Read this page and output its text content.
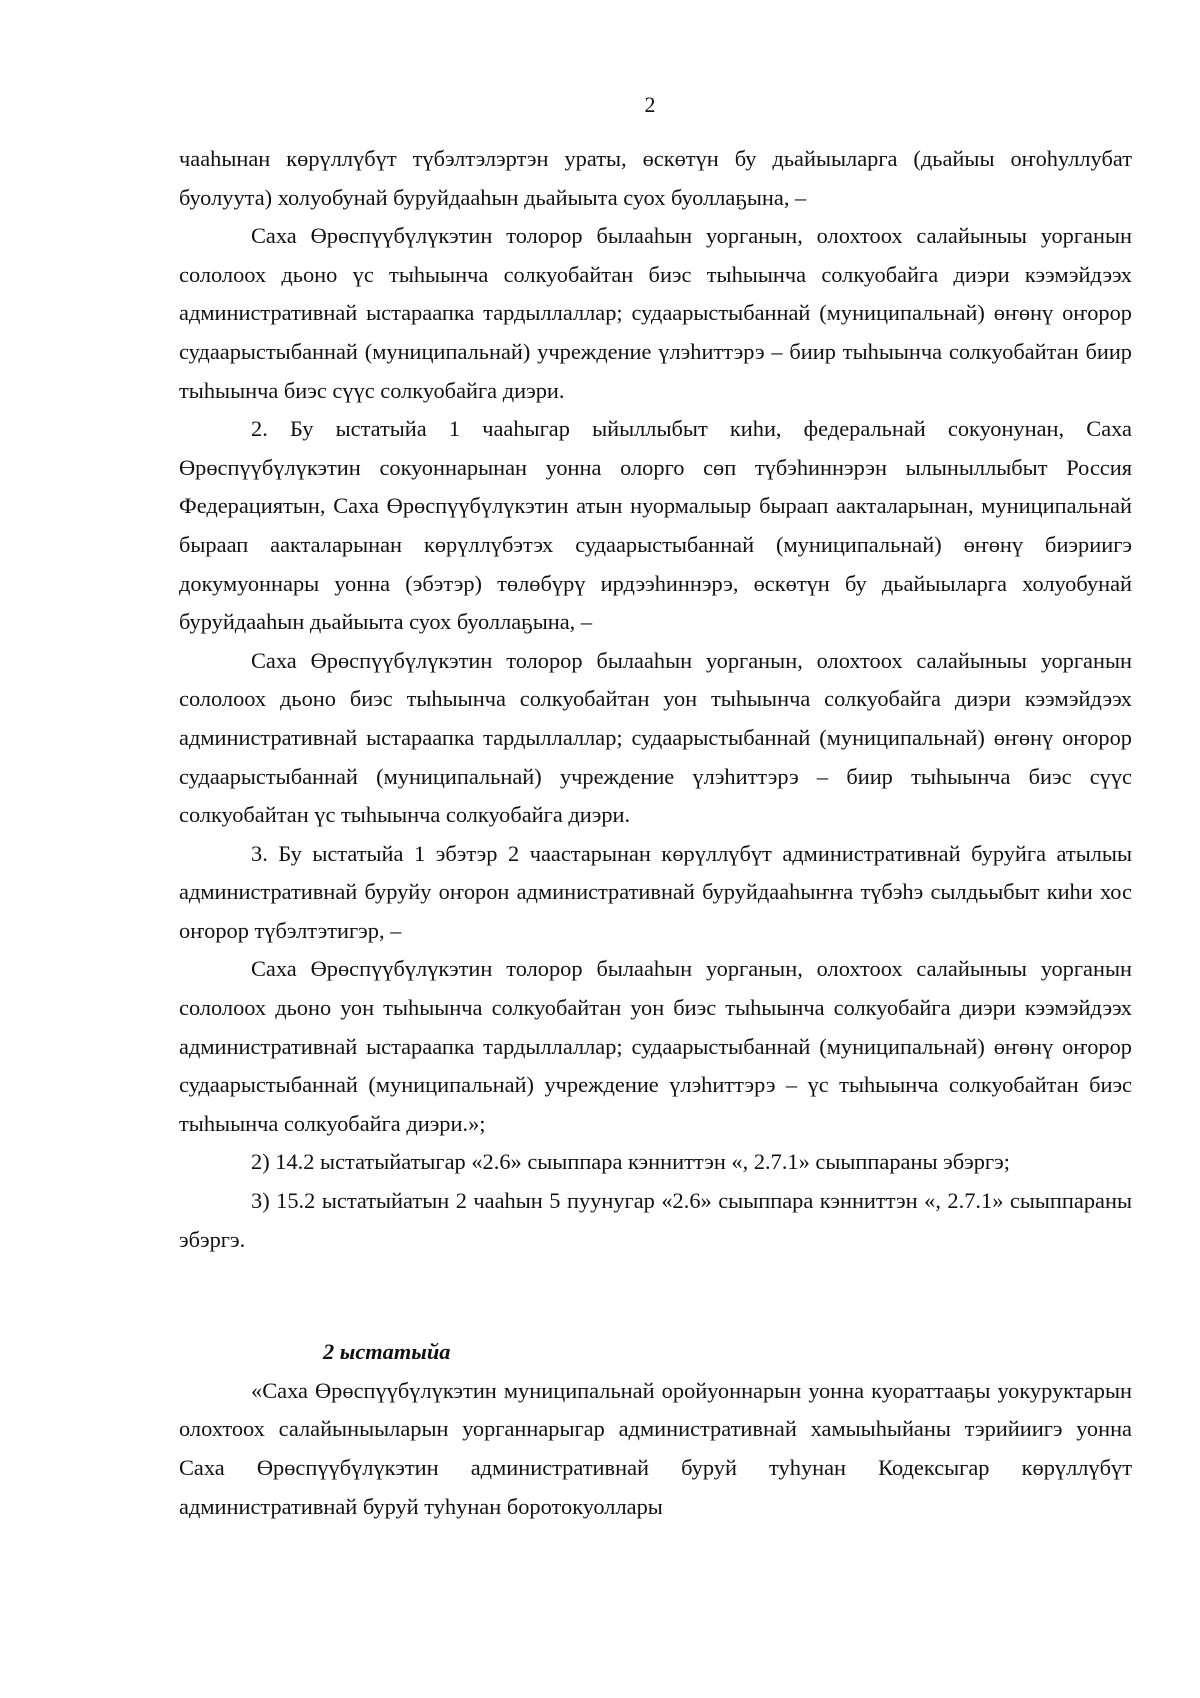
2

чааһынан көрүллүбүт түбэлтэлэртэн ураты, өскөтүн бу дьайыыларга (дьайыы оҥоһуллубат буолуута) холуобунай буруйдааһын дьайыыта суох буоллаҕына, –

Саха Өрөспүүбүлүкэтин толорор былааһын уорганын, олохтоох салайыныы уорганын сололоох дьоно үс тыһыынча солкуобайтан биэс тыһыынча солкуобайга диэри кээмэйдээх административнай ыстараапка тардыллаллар; судаарыстыбаннай (муниципальнай) өҥөнү оҥорор судаарыстыбаннай (муниципальнай) учреждение үлэһиттэрэ – биир тыһыынча солкуобайтан биир тыһыынча биэс сүүс солкуобайга диэри.

2. Бу ыстатыйа 1 чааһыгар ыйыллыбыт киһи, федеральнай сокуонунан, Саха Өрөспүүбүлүкэтин сокуоннарынан уонна олорго сөп түбэһиннэрэн ылыныллыбыт Россия Федерациятын, Саха Өрөспүүбүлүкэтин атын нуормалыыр быраап аакталарынан, муниципальнай быраап аакталарынан көрүллүбэтэх судаарыстыбаннай (муниципальнай) өҥөнү биэриигэ докумуоннары уонна (эбэтэр) төлөбүрү ирдээһиннэрэ, өскөтүн бу дьайыыларга холуобунай буруйдааһын дьайыыта суох буоллаҕына, –

Саха Өрөспүүбүлүкэтин толорор былааһын уорганын, олохтоох салайыныы уорганын сололоох дьоно биэс тыһыынча солкуобайтан уон тыһыынча солкуобайга диэри кээмэйдээх административнай ыстараапка тардыллаллар; судаарыстыбаннай (муниципальнай) өҥөнү оҥорор судаарыстыбаннай (муниципальнай) учреждение үлэһиттэрэ – биир тыһыынча биэс сүүс солкуобайтан үс тыһыынча солкуобайга диэри.

3. Бу ыстатыйа 1 эбэтэр 2 чаастарынан көрүллүбүт административнай буруйга атылыы административнай буруйу оҥорон административнай буруйдааһыҥҥа түбэһэ сылдьыбыт киһи хос оҥорор түбэлтэтигэр, –

Саха Өрөспүүбүлүкэтин толорор былааһын уорганын, олохтоох салайыныы уорганын сололоох дьоно уон тыһыынча солкуобайтан уон биэс тыһыынча солкуобайга диэри кээмэйдээх административнай ыстараапка тардыллаллар; судаарыстыбаннай (муниципальнай) өҥөнү оҥорор судаарыстыбаннай (муниципальнай) учреждение үлэһиттэрэ – үс тыһыынча солкуобайтан биэс тыһыынча солкуобайга диэри.»;

2) 14.2 ыстатыйатыгар «2.6» сыыппара кэнниттэн «, 2.7.1» сыыппараны эбэргэ;

3) 15.2 ыстатыйатын 2 чааһын 5 пуунугар «2.6» сыыппара кэнниттэн «, 2.7.1» сыыппараны эбэргэ.

2 ыстатыйа

«Саха Өрөспүүбүлүкэтин муниципальнай оройуоннарын уонна куораттааҕы уокуруктарын олохтоох салайыныыларын уорганнарыгар административнай хамыыһыйаны тэрийиигэ уонна Саха Өрөспүүбүлүкэтин административнай буруй туһунан Кодексыгар көрүллүбүт административнай буруй туһунан боротокуоллары
